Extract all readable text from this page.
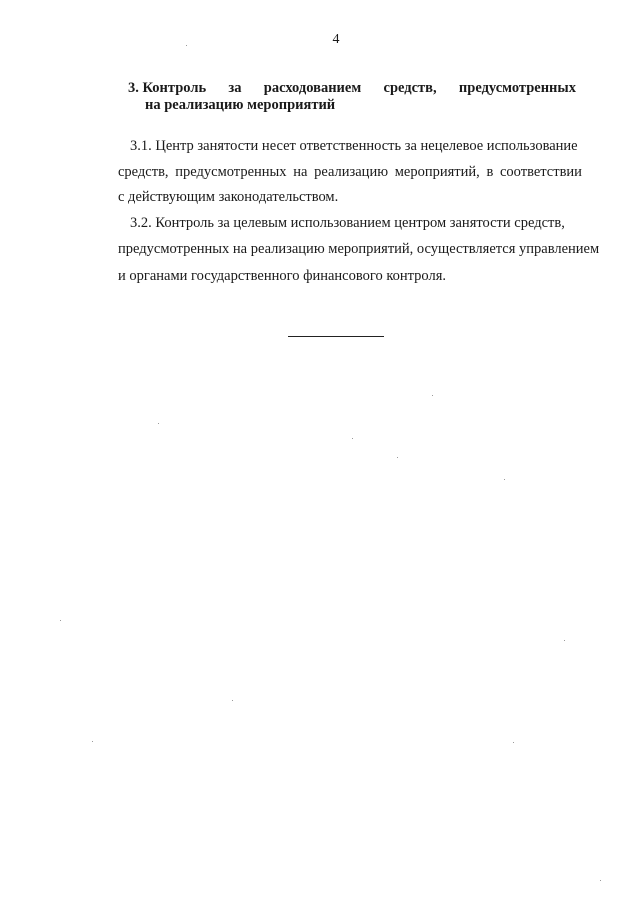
4
3. Контроль за расходованием средств, предусмотренных
на реализацию мероприятий
3.1. Центр занятости несет ответственность за нецелевое использование
средств, предусмотренных на реализацию мероприятий, в соответствии
с действующим законодательством.
3.2. Контроль за целевым использованием центром занятости средств,
предусмотренных на реализацию мероприятий, осуществляется управлением
и органами государственного финансового контроля.
